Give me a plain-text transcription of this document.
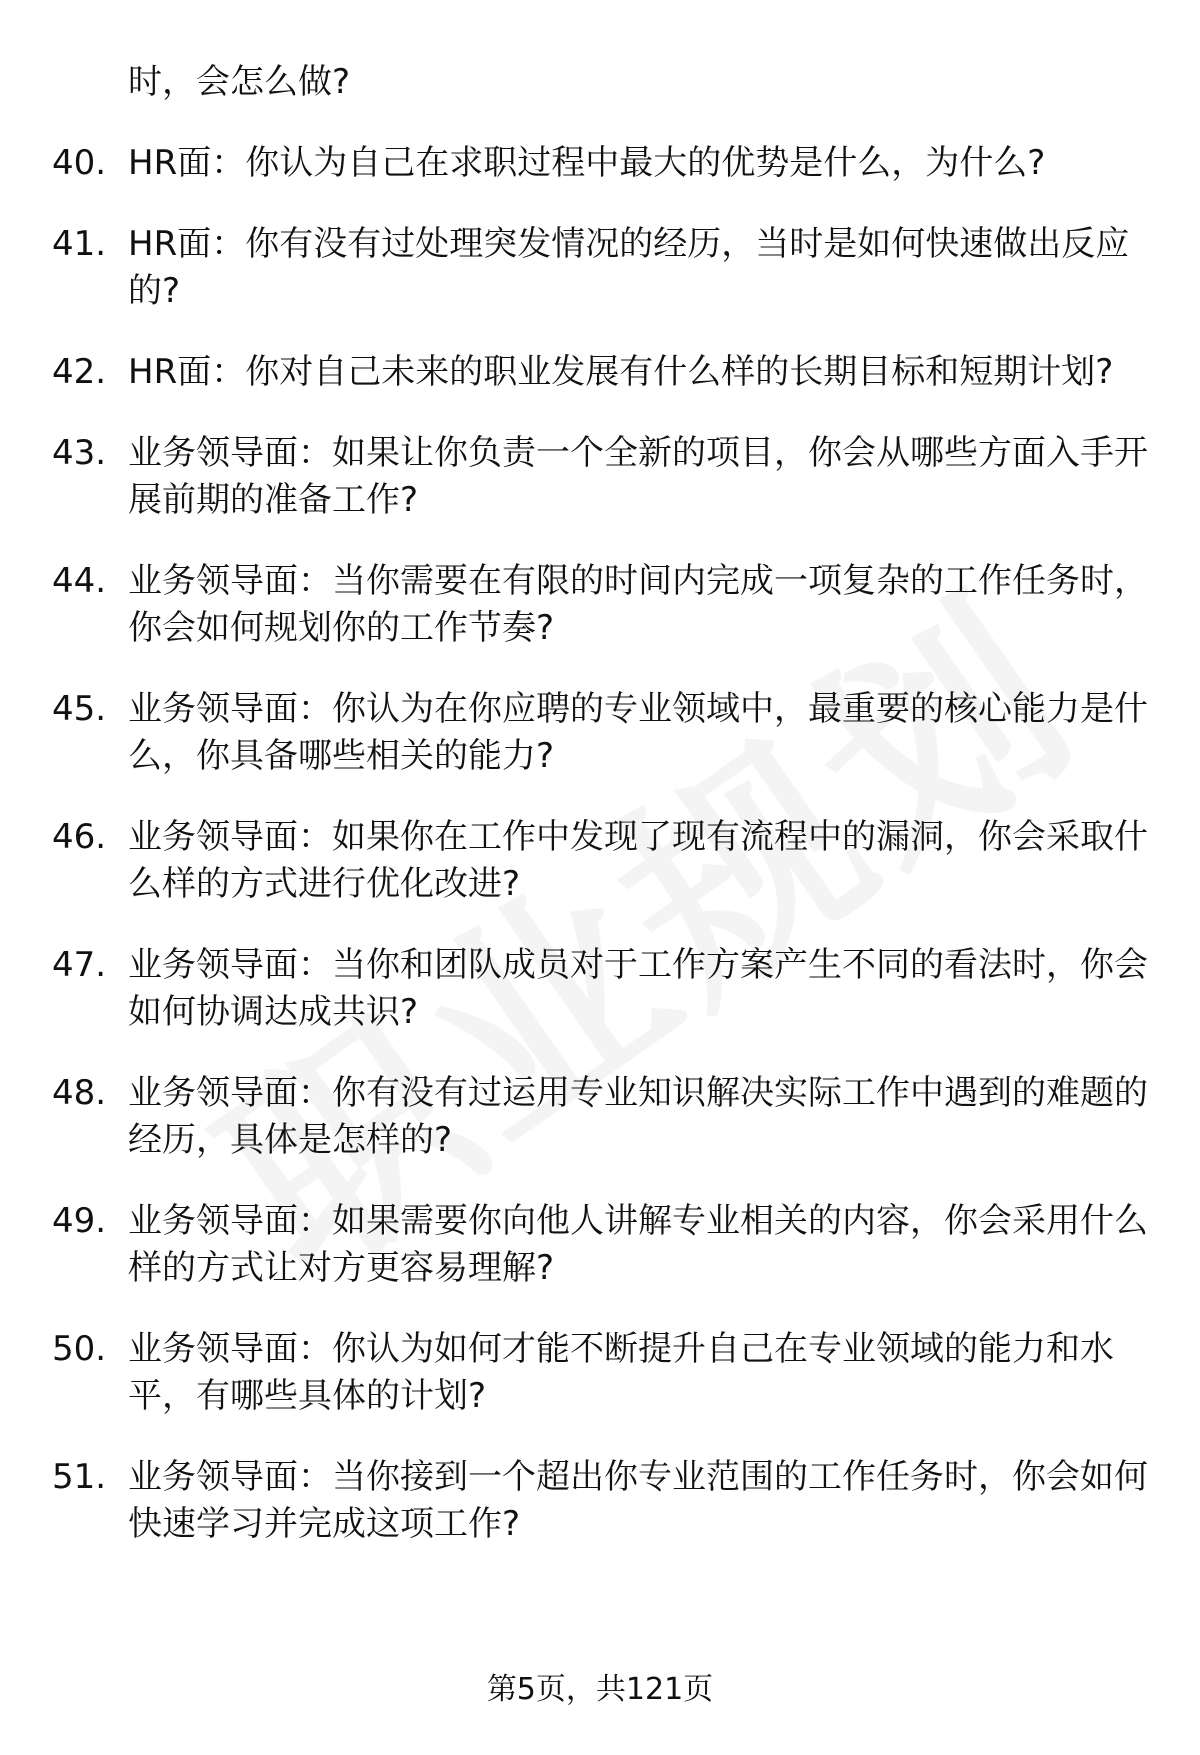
时，会怎么做?
40. HR面：你认为自己在求职过程中最大的优势是什么，为什么?
41. HR面：你有没有过处理突发情况的经历，当时是如何快速做出反应的?
42. HR面：你对自己未来的职业发展有什么样的长期目标和短期计划?
43. 业务领导面：如果让你负责一个全新的项目，你会从哪些方面入手开展前期的准备工作?
44. 业务领导面：当你需要在有限的时间内完成一项复杂的工作任务时，你会如何规划你的工作节奏?
45. 业务领导面：你认为在你应聘的专业领域中，最重要的核心能力是什么，你具备哪些相关的能力?
46. 业务领导面：如果你在工作中发现了现有流程中的漏洞，你会采取什么样的方式进行优化改进?
47. 业务领导面：当你和团队成员对于工作方案产生不同的看法时，你会如何协调达成共识?
48. 业务领导面：你有没有过运用专业知识解决实际工作中遇到的难题的经历，具体是怎样的?
49. 业务领导面：如果需要你向他人讲解专业相关的内容，你会采用什么样的方式让对方更容易理解?
50. 业务领导面：你认为如何才能不断提升自己在专业领域的能力和水平，有哪些具体的计划?
51. 业务领导面：当你接到一个超出你专业范围的工作任务时，你会如何快速学习并完成这项工作?
第5页，共121页
